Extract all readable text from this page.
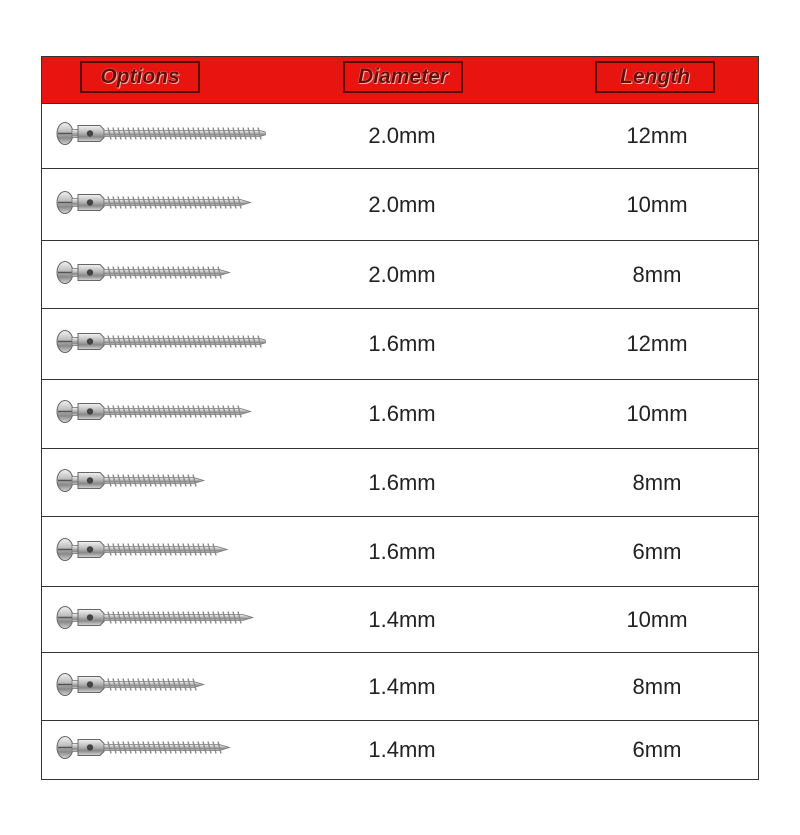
Options	Diameter	Length
2.0mm	12mm
2.0mm	10mm
2.0mm	8mm
1.6mm	12mm
1.6mm	10mm
1.6mm	8mm
1.6mm	6mm
1.4mm	10mm
1.4mm	8mm
1.4mm	6mm
